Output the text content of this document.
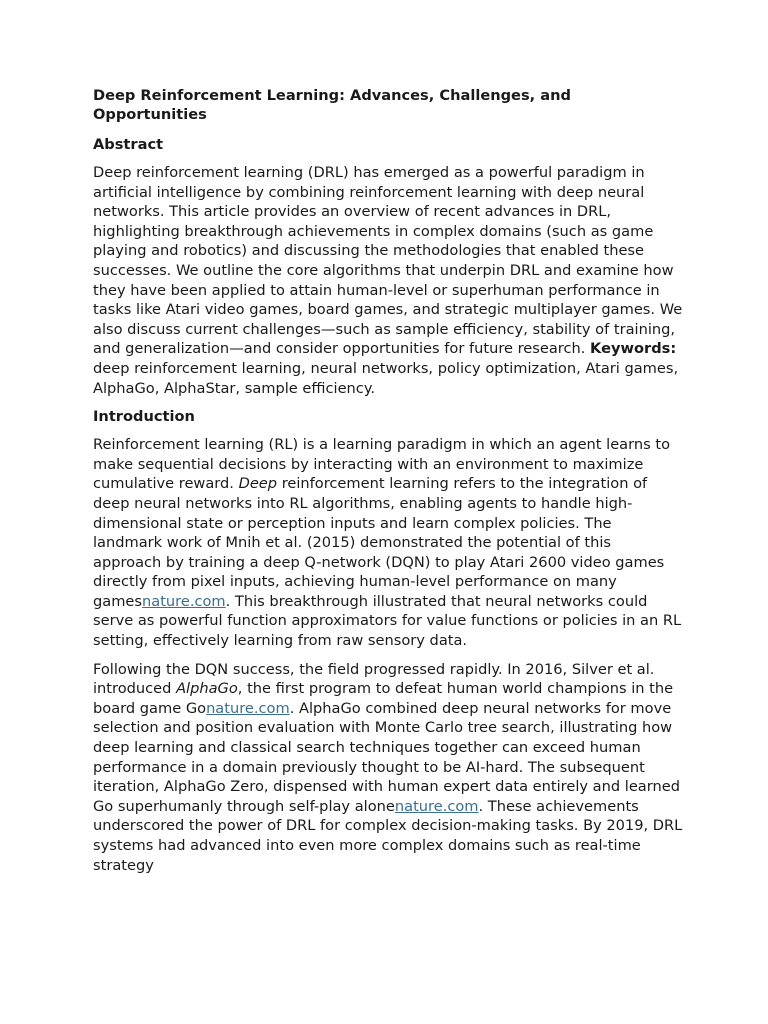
Deep Reinforcement Learning: Advances, Challenges, and Opportunities
Abstract

Deep reinforcement learning (DRL) has emerged as a powerful paradigm in artificial intelligence by combining reinforcement learning with deep neural networks. This article provides an overview of recent advances in DRL, highlighting breakthrough achievements in complex domains (such as game playing and robotics) and discussing the methodologies that enabled these successes. We outline the core algorithms that underpin DRL and examine how they have been applied to attain human-level or superhuman performance in tasks like Atari video games, board games, and strategic multiplayer games. We also discuss current challenges—such as sample efficiency, stability of training, and generalization—and consider opportunities for future research. Keywords: deep reinforcement learning, neural networks, policy optimization, Atari games, AlphaGo, AlphaStar, sample efficiency.

Introduction

Reinforcement learning (RL) is a learning paradigm in which an agent learns to make sequential decisions by interacting with an environment to maximize cumulative reward. Deep reinforcement learning refers to the integration of deep neural networks into RL algorithms, enabling agents to handle high-dimensional state or perception inputs and learn complex policies. The landmark work of Mnih et al. (2015) demonstrated the potential of this approach by training a deep Q-network (DQN) to play Atari 2600 video games directly from pixel inputs, achieving human-level performance on many gamesnature.com. This breakthrough illustrated that neural networks could serve as powerful function approximators for value functions or policies in an RL setting, effectively learning from raw sensory data.

Following the DQN success, the field progressed rapidly. In 2016, Silver et al. introduced AlphaGo, the first program to defeat human world champions in the board game Gonature.com. AlphaGo combined deep neural networks for move selection and position evaluation with Monte Carlo tree search, illustrating how deep learning and classical search techniques together can exceed human performance in a domain previously thought to be AI-hard. The subsequent iteration, AlphaGo Zero, dispensed with human expert data entirely and learned Go superhumanly through self-play alonenature.com. These achievements underscored the power of DRL for complex decision-making tasks. By 2019, DRL systems had advanced into even more complex domains such as real-time strategy
